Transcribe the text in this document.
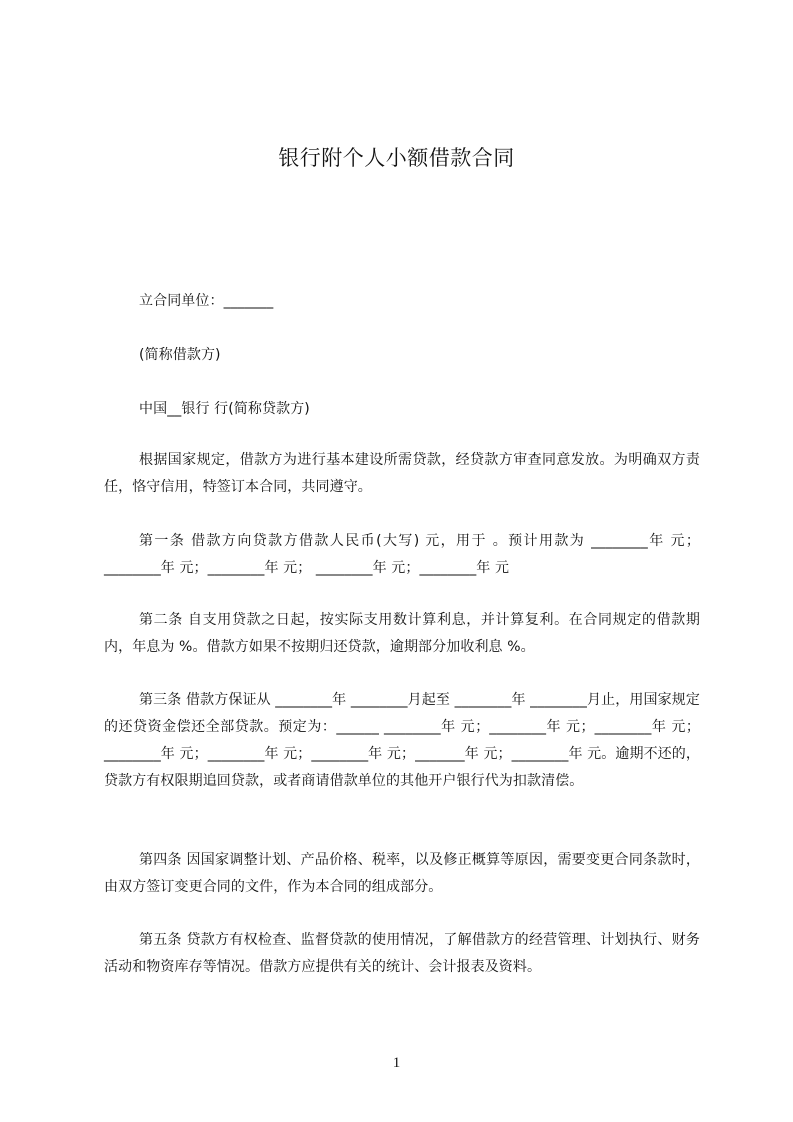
银行附个人小额借款合同

立合同单位：_______

(简称借款方)

中国__银行 行(简称贷款方)

根据国家规定，借款方为进行基本建设所需贷款，经贷款方审查同意发放。为明确双方责任，恪守信用，特签订本合同，共同遵守。

第一条 借款方向贷款方借款人民币(大写) 元，用于 。预计用款为 ________年 元；________年 元；________年 元； ________年 元；________年 元

第二条 自支用贷款之日起，按实际支用数计算利息，并计算复利。在合同规定的借款期内，年息为 %。借款方如果不按期归还贷款，逾期部分加收利息 %。

第三条 借款方保证从 ________年 ________月起至 ________年 ________月止，用国家规定的还贷资金偿还全部贷款。预定为：______ ________年 元；________年 元；________年 元； ________年 元；________年 元；________年 元；_______年 元；________年 元。逾期不还的，贷款方有权限期追回贷款，或者商请借款单位的其他开户银行代为扣款清偿。

第四条 因国家调整计划、产品价格、税率，以及修正概算等原因，需要变更合同条款时，由双方签订变更合同的文件，作为本合同的组成部分。

第五条 贷款方有权检查、监督贷款的使用情况，了解借款方的经营管理、计划执行、财务活动和物资库存等情况。借款方应提供有关的统计、会计报表及资料。

1
